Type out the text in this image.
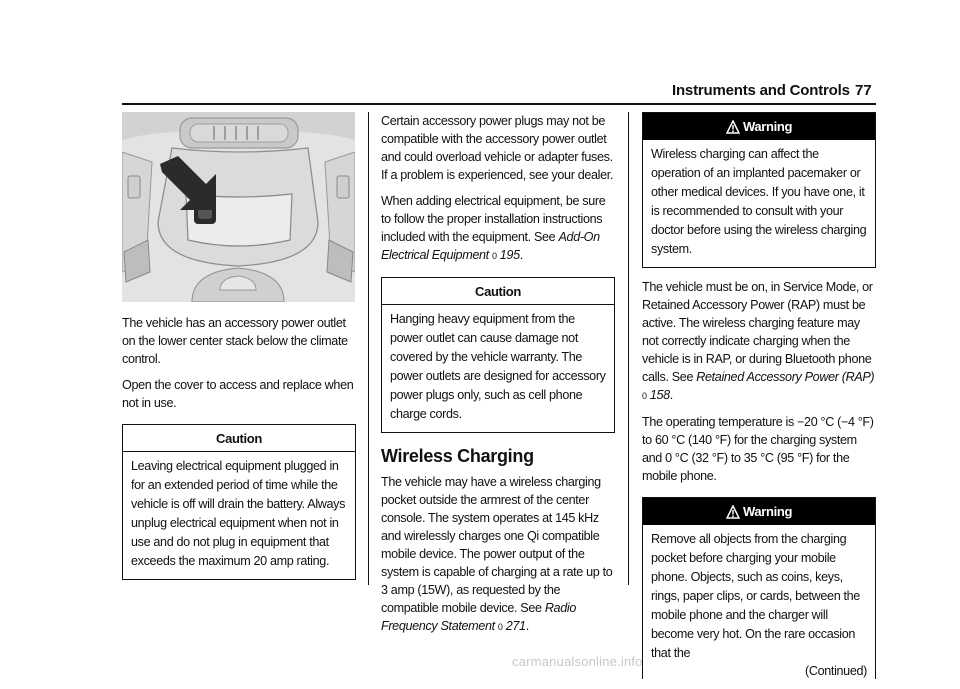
Instruments and Controls 77

The vehicle has an accessory power outlet on the lower center stack below the climate control.

Open the cover to access and replace when not in use.

Caution
Leaving electrical equipment plugged in for an extended period of time while the vehicle is off will drain the battery. Always unplug electrical equipment when not in use and do not plug in equipment that exceeds the maximum 20 amp rating.

Certain accessory power plugs may not be compatible with the accessory power outlet and could overload vehicle or adapter fuses. If a problem is experienced, see your dealer.

When adding electrical equipment, be sure to follow the proper installation instructions included with the equipment. See Add-On Electrical Equipment 0 195.

Caution
Hanging heavy equipment from the power outlet can cause damage not covered by the vehicle warranty. The power outlets are designed for accessory power plugs only, such as cell phone charge cords.
Wireless Charging

The vehicle may have a wireless charging pocket outside the armrest of the center console. The system operates at 145 kHz and wirelessly charges one Qi compatible mobile device. The power output of the system is capable of charging at a rate up to 3 amp (15W), as requested by the compatible mobile device. See Radio Frequency Statement 0 271.

Warning
Wireless charging can affect the operation of an implanted pacemaker or other medical devices. If you have one, it is recommended to consult with your doctor before using the wireless charging system.

The vehicle must be on, in Service Mode, or Retained Accessory Power (RAP) must be active. The wireless charging feature may not correctly indicate charging when the vehicle is in RAP, or during Bluetooth phone calls. See Retained Accessory Power (RAP) 0 158.

The operating temperature is −20 °C (−4 °F) to 60 °C (140 °F) for the charging system and 0 °C (32 °F) to 35 °C (95 °F) for the mobile phone.

Warning
Remove all objects from the charging pocket before charging your mobile phone. Objects, such as coins, keys, rings, paper clips, or cards, between the mobile phone and the charger will become very hot. On the rare occasion that the
(Continued)
carmanualsonline.info
